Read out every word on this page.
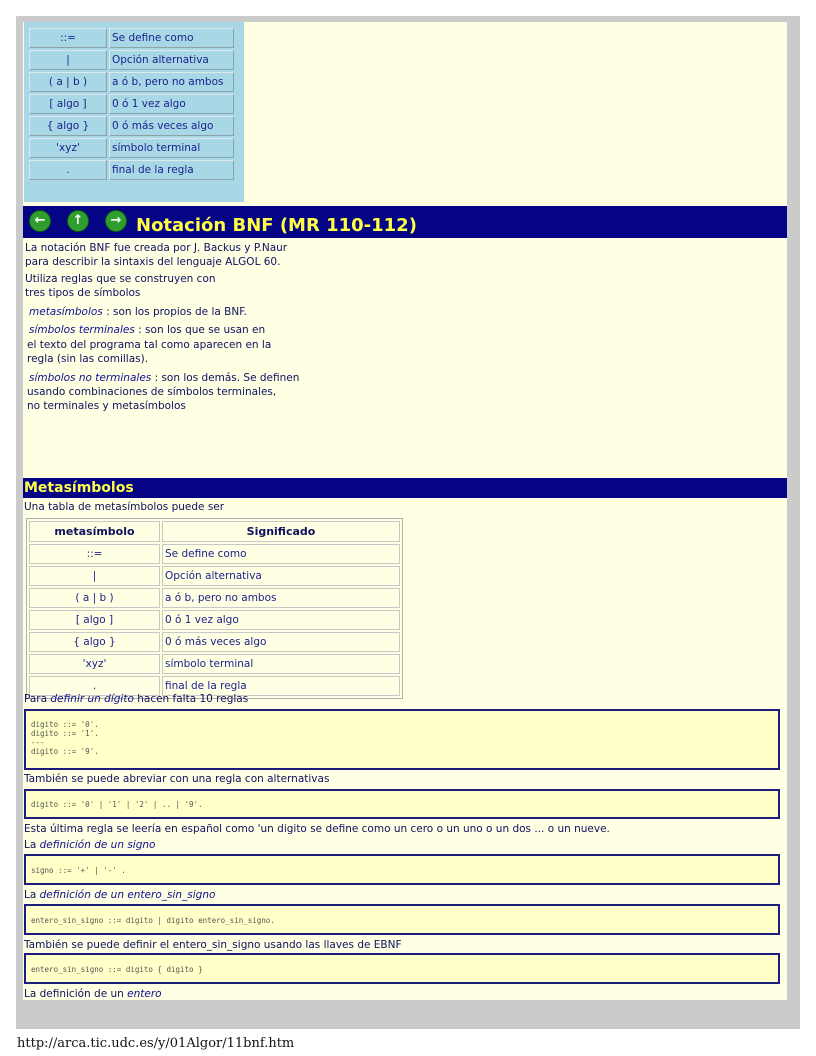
::=	Se define como
|	Opción alternativa
( a | b )	a ó b, pero no ambos
[ algo ]	0 ó 1 vez algo
{ algo }	0 ó más veces algo
'xyz'	símbolo terminal
.	final de la regla
←	↑	→ Notación BNF (MR 110-112)
La notación BNF fue creada por J. Backus y P.Naur
para describir la sintaxis del lenguaje ALGOL 60.
Utiliza reglas que se construyen con
tres tipos de símbolos
metasímbolos : son los propios de la BNF.
símbolos terminales : son los que se usan en
el texto del programa tal como aparecen en la
regla (sin las comillas).
símbolos no terminales : son los demás. Se definen
usando combinaciones de símbolos terminales,
no terminales y metasímbolos
Metasímbolos
Una tabla de metasímbolos puede ser
metasímbolo	Significado
::=	Se define como
|	Opción alternativa
( a | b )	a ó b, pero no ambos
[ algo ]	0 ó 1 vez algo
{ algo }	0 ó más veces algo
'xyz'	símbolo terminal
.	final de la regla
Para definir un dígito hacen falta 10 reglas
digito ::= '0'.
digito ::= '1'.
---
digito ::= '9'.
También se puede abreviar con una regla con alternativas
digito ::= '0' | '1' | '2' | .. | '9'.
Esta última regla se leería en español como 'un digito se define como un cero o un uno o un dos ... o un nueve.
La definición de un signo
signo ::= '+' | '-' .
La definición de un entero_sin_signo
entero_sin_signo ::= digito | digito entero_sin_signo.
También se puede definir el entero_sin_signo usando las llaves de EBNF
entero_sin_signo ::= digito { digito }
La definición de un entero
http://arca.tic.udc.es/y/01Algor/11bnf.htm
